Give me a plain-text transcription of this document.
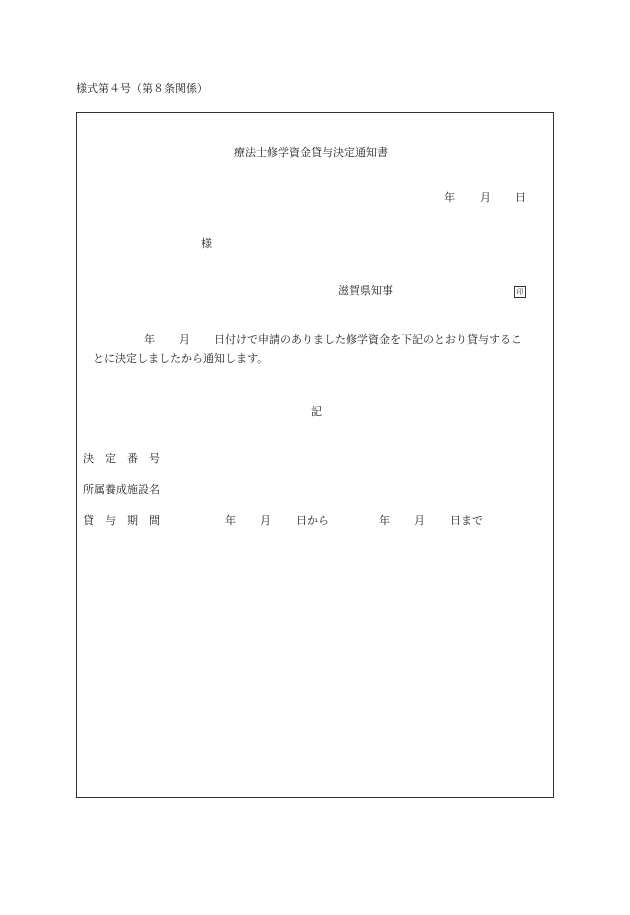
様式第４号（第８条関係）
療法士修学資金貸与決定通知書
年 月 日
様
滋賀県知事	印
年 月 日付けで申請のありました修学資金を下記のとおり貸与するこ
とに決定しましたから通知します。
記
決　定　番　号
所属養成施設名
貸　与　期　間	年 月 日から	年 月 日まで
